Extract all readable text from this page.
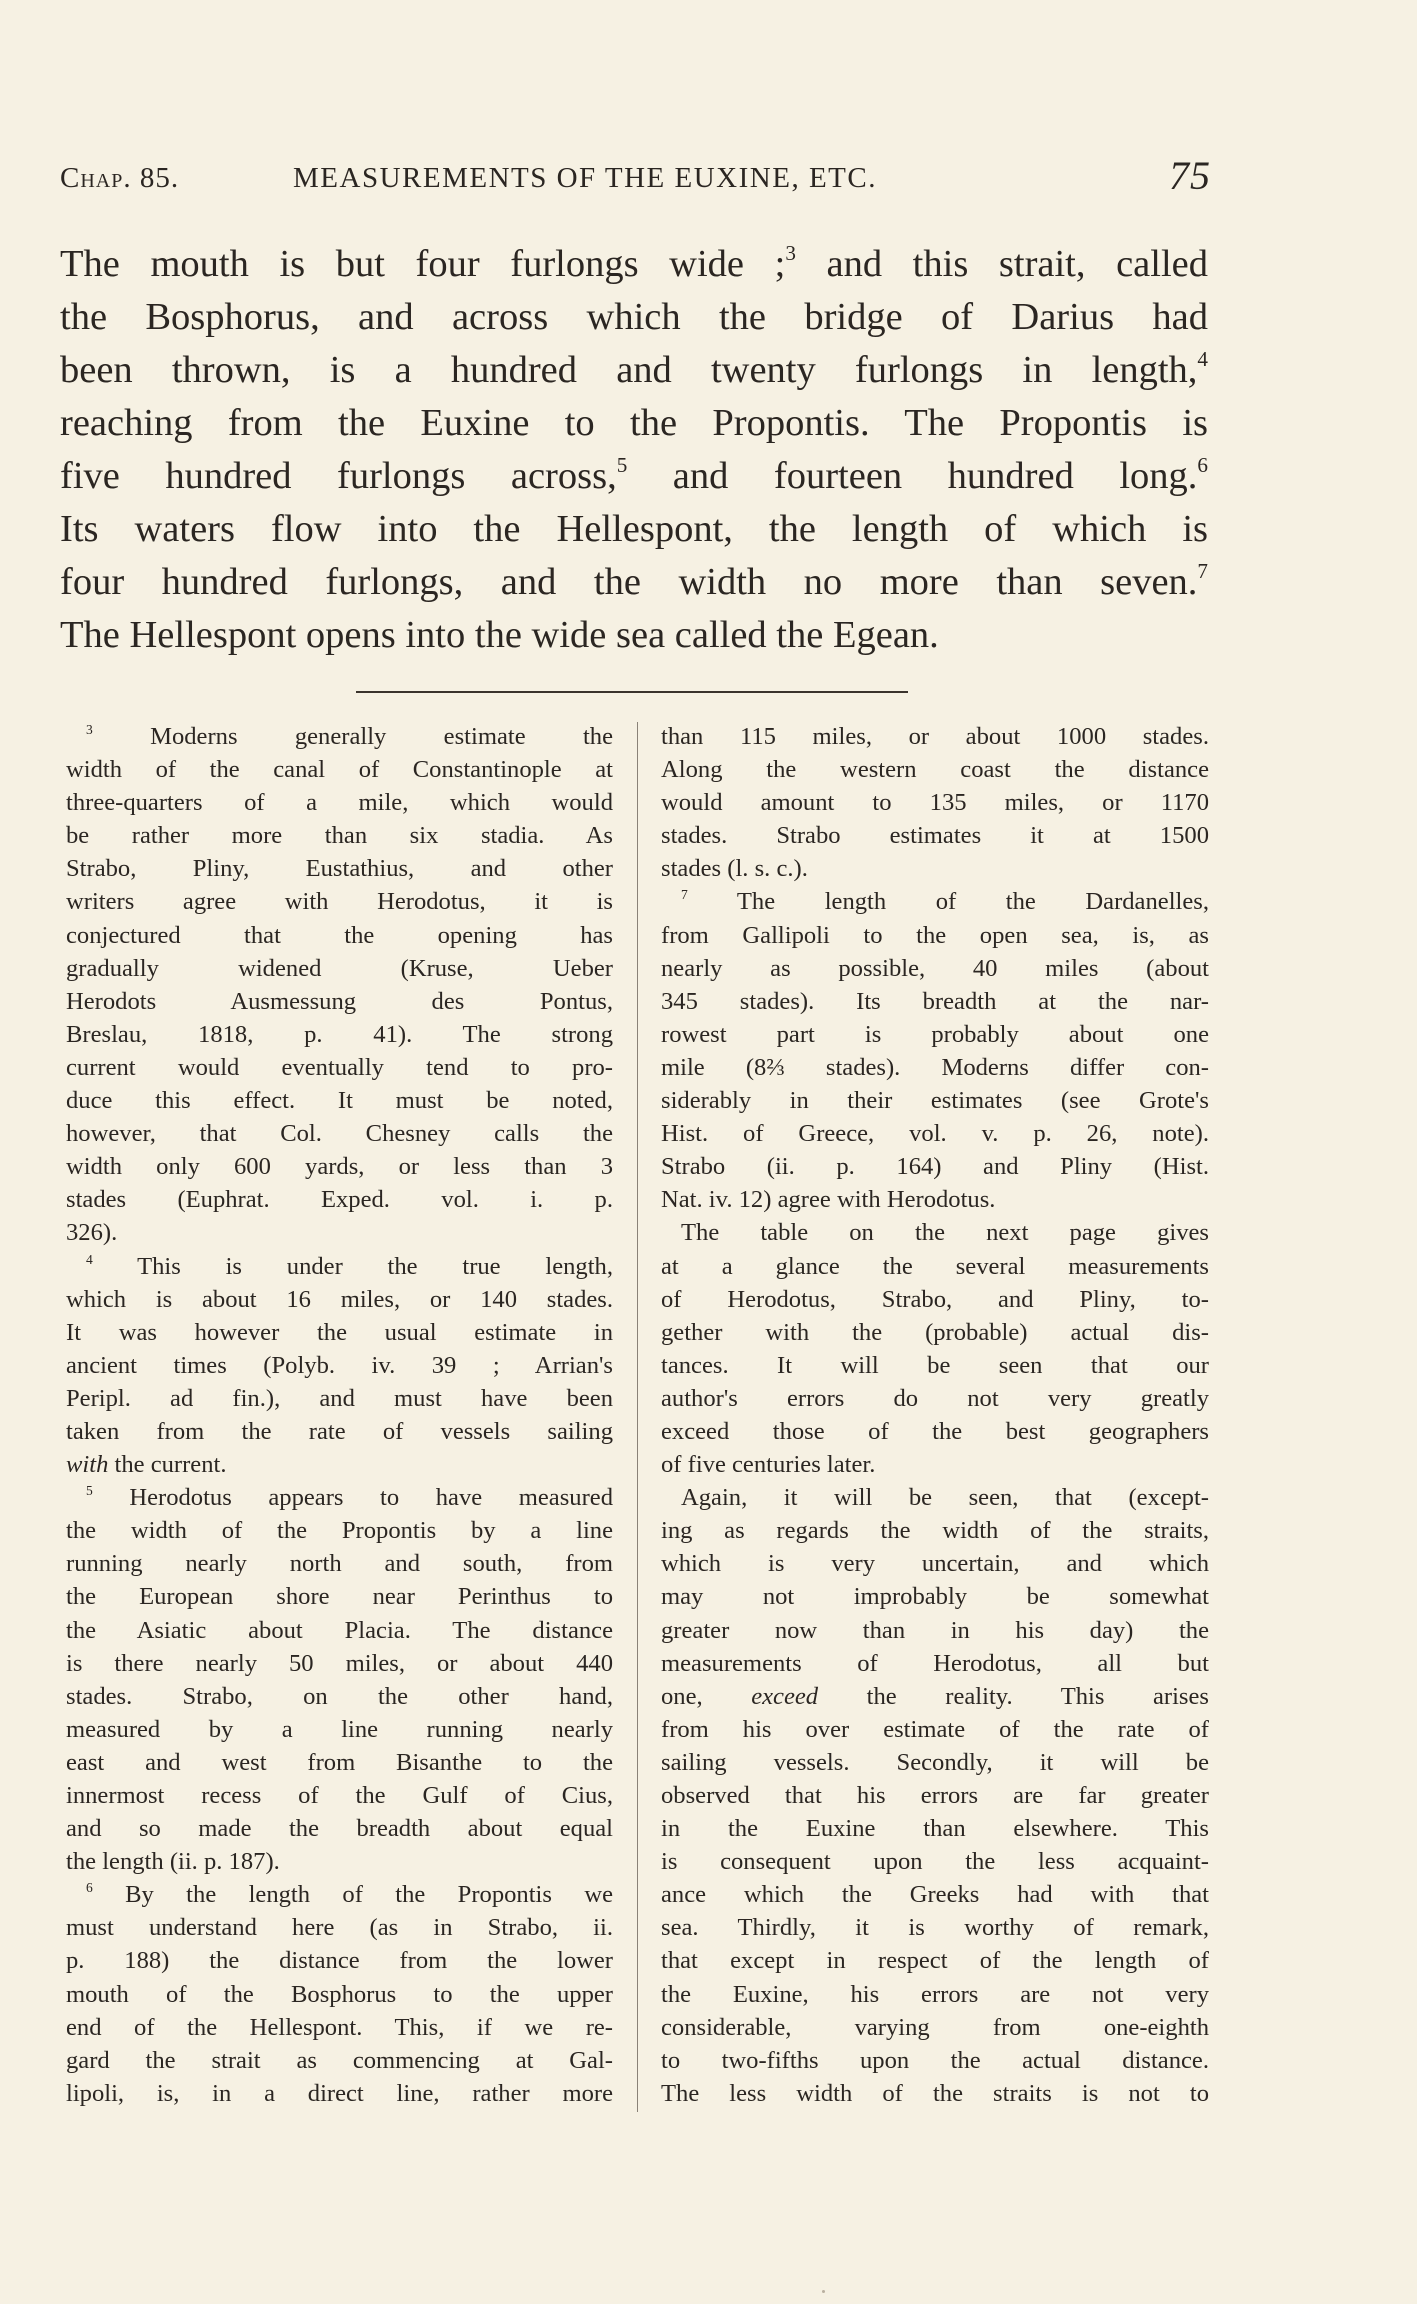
Chap. 85.	MEASUREMENTS OF THE EUXINE, ETC.	75
The mouth is but four furlongs wide ;$^3$ and this strait, called
the Bosphorus, and across which the bridge of Darius had
been thrown, is a hundred and twenty furlongs in length,$^4$
reaching from the Euxine to the Propontis. The Propontis is
five hundred furlongs across,$^5$ and fourteen hundred long.$^6$
Its waters flow into the Hellespont, the length of which is
four hundred furlongs, and the width no more than seven.$^7$
The Hellespont opens into the wide sea called the Egean.
$^3$ Moderns generally estimate the
width of the canal of Constantinople at
three-quarters of a mile, which would
be rather more than six stadia. As
Strabo, Pliny, Eustathius, and other
writers agree with Herodotus, it is
conjectured that the opening has
gradually widened (Kruse, Ueber
Herodots Ausmessung des Pontus,
Breslau, 1818, p. 41). The strong
current would eventually tend to pro-
duce this effect. It must be noted,
however, that Col. Chesney calls the
width only 600 yards, or less than 3
stades (Euphrat. Exped. vol. i. p.
326).
$^4$ This is under the true length,
which is about 16 miles, or 140 stades.
It was however the usual estimate in
ancient times (Polyb. iv. 39 ; Arrian's
Peripl. ad fin.), and must have been
taken from the rate of vessels sailing
with the current.
$^5$ Herodotus appears to have measured
the width of the Propontis by a line
running nearly north and south, from
the European shore near Perinthus to
the Asiatic about Placia. The distance
is there nearly 50 miles, or about 440
stades. Strabo, on the other hand,
measured by a line running nearly
east and west from Bisanthe to the
innermost recess of the Gulf of Cius,
and so made the breadth about equal
the length (ii. p. 187).
$^6$ By the length of the Propontis we
must understand here (as in Strabo, ii.
p. 188) the distance from the lower
mouth of the Bosphorus to the upper
end of the Hellespont. This, if we re-
gard the strait as commencing at Gal-
lipoli, is, in a direct line, rather more
than 115 miles, or about 1000 stades.
Along the western coast the distance
would amount to 135 miles, or 1170
stades. Strabo estimates it at 1500
stades (l. s. c.).
$^7$ The length of the Dardanelles,
from Gallipoli to the open sea, is, as
nearly as possible, 40 miles (about
345 stades). Its breadth at the nar-
rowest part is probably about one
mile (8⅔ stades). Moderns differ con-
siderably in their estimates (see Grote's
Hist. of Greece, vol. v. p. 26, note).
Strabo (ii. p. 164) and Pliny (Hist.
Nat. iv. 12) agree with Herodotus.
The table on the next page gives
at a glance the several measurements
of Herodotus, Strabo, and Pliny, to-
gether with the (probable) actual dis-
tances. It will be seen that our
author's errors do not very greatly
exceed those of the best geographers
of five centuries later.
Again, it will be seen, that (except-
ing as regards the width of the straits,
which is very uncertain, and which
may not improbably be somewhat
greater now than in his day) the
measurements of Herodotus, all but
one, exceed the reality. This arises
from his over estimate of the rate of
sailing vessels. Secondly, it will be
observed that his errors are far greater
in the Euxine than elsewhere. This
is consequent upon the less acquaint-
ance which the Greeks had with that
sea. Thirdly, it is worthy of remark,
that except in respect of the length of
the Euxine, his errors are not very
considerable, varying from one-eighth
to two-fifths upon the actual distance.
The less width of the straits is not to
